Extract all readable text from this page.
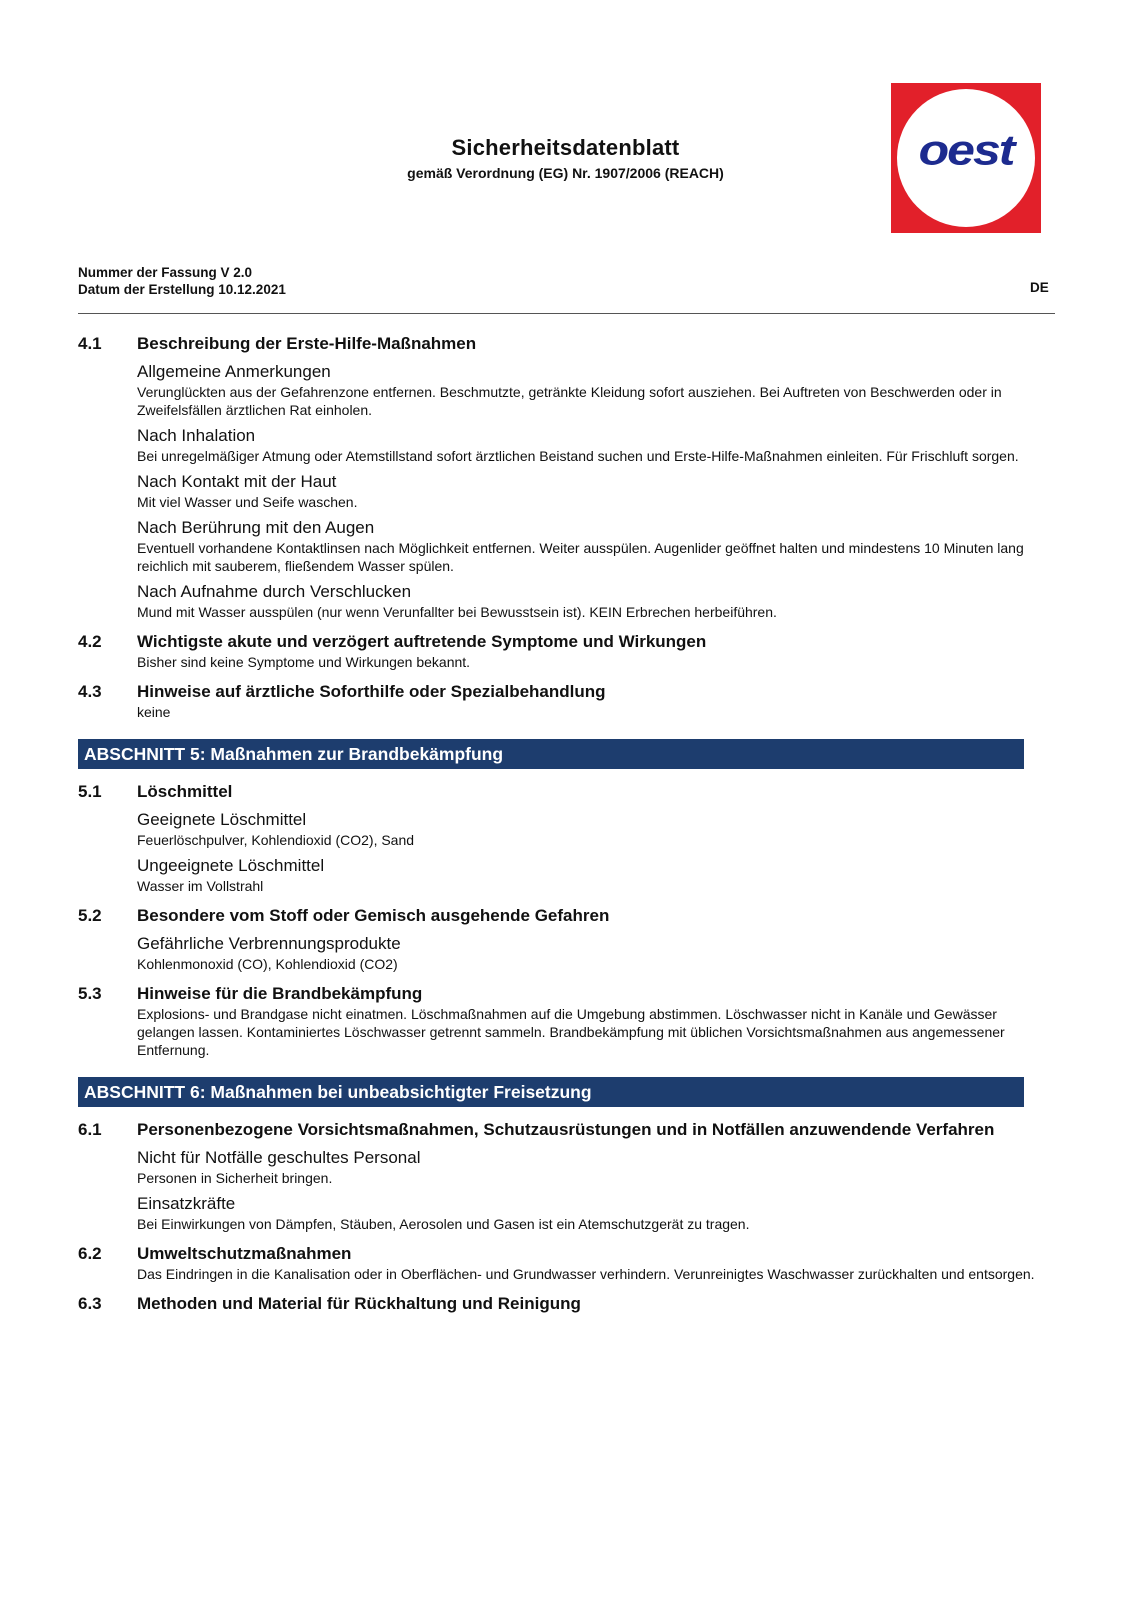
Sicherheitsdatenblatt
gemäß Verordnung (EG) Nr. 1907/2006 (REACH)	oest
Nummer der Fassung V 2.0
Datum der Erstellung 10.12.2021	DE
4.1	Beschreibung der Erste-Hilfe-Maßnahmen
Allgemeine Anmerkungen
Verunglückten aus der Gefahrenzone entfernen. Beschmutzte, getränkte Kleidung sofort ausziehen. Bei Auftreten von Beschwerden oder in Zweifelsfällen ärztlichen Rat einholen.
Nach Inhalation
Bei unregelmäßiger Atmung oder Atemstillstand sofort ärztlichen Beistand suchen und Erste-Hilfe-Maßnahmen einleiten. Für Frischluft sorgen.
Nach Kontakt mit der Haut
Mit viel Wasser und Seife waschen.
Nach Berührung mit den Augen
Eventuell vorhandene Kontaktlinsen nach Möglichkeit entfernen. Weiter ausspülen. Augenlider geöffnet halten und mindestens 10 Minuten lang reichlich mit sauberem, fließendem Wasser spülen.
Nach Aufnahme durch Verschlucken
Mund mit Wasser ausspülen (nur wenn Verunfallter bei Bewusstsein ist). KEIN Erbrechen herbeiführen.
4.2	Wichtigste akute und verzögert auftretende Symptome und Wirkungen
Bisher sind keine Symptome und Wirkungen bekannt.
4.3	Hinweise auf ärztliche Soforthilfe oder Spezialbehandlung
keine
ABSCHNITT 5: Maßnahmen zur Brandbekämpfung
5.1	Löschmittel
Geeignete Löschmittel
Feuerlöschpulver, Kohlendioxid (CO2), Sand
Ungeeignete Löschmittel
Wasser im Vollstrahl
5.2	Besondere vom Stoff oder Gemisch ausgehende Gefahren
Gefährliche Verbrennungsprodukte
Kohlenmonoxid (CO), Kohlendioxid (CO2)
5.3	Hinweise für die Brandbekämpfung
Explosions- und Brandgase nicht einatmen. Löschmaßnahmen auf die Umgebung abstimmen. Löschwasser nicht in Kanäle und Gewässer gelangen lassen. Kontaminiertes Löschwasser getrennt sammeln. Brandbekämpfung mit üblichen Vorsichtsmaßnahmen aus angemessener Entfernung.
ABSCHNITT 6: Maßnahmen bei unbeabsichtigter Freisetzung
6.1	Personenbezogene Vorsichtsmaßnahmen, Schutzausrüstungen und in Notfällen anzuwendende Verfahren
Nicht für Notfälle geschultes Personal
Personen in Sicherheit bringen.
Einsatzkräfte
Bei Einwirkungen von Dämpfen, Stäuben, Aerosolen und Gasen ist ein Atemschutzgerät zu tragen.
6.2	Umweltschutzmaßnahmen
Das Eindringen in die Kanalisation oder in Oberflächen- und Grundwasser verhindern. Verunreinigtes Waschwasser zurückhalten und entsorgen.
6.3	Methoden und Material für Rückhaltung und Reinigung
